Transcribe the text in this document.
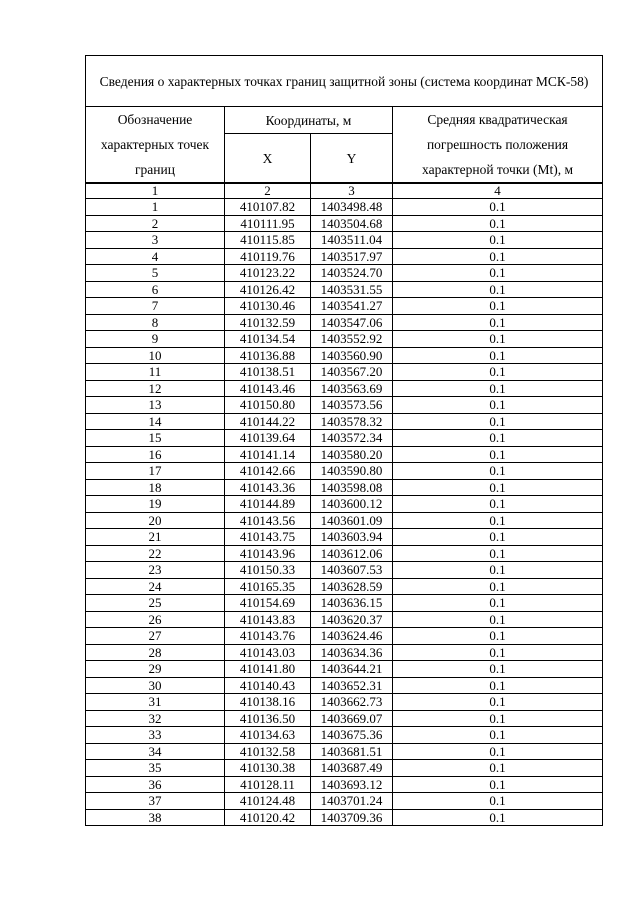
Сведения о характерных точках границ защитной зоны (система координат МСК-58)			
Обозначение характерных точек границ	Координаты, м		Средняя квадратическая погрешность положения характерной точки (Mt), м
	X	Y	
1	2	3	4
1	410107.82	1403498.48	0.1
2	410111.95	1403504.68	0.1
3	410115.85	1403511.04	0.1
4	410119.76	1403517.97	0.1
5	410123.22	1403524.70	0.1
6	410126.42	1403531.55	0.1
7	410130.46	1403541.27	0.1
8	410132.59	1403547.06	0.1
9	410134.54	1403552.92	0.1
10	410136.88	1403560.90	0.1
11	410138.51	1403567.20	0.1
12	410143.46	1403563.69	0.1
13	410150.80	1403573.56	0.1
14	410144.22	1403578.32	0.1
15	410139.64	1403572.34	0.1
16	410141.14	1403580.20	0.1
17	410142.66	1403590.80	0.1
18	410143.36	1403598.08	0.1
19	410144.89	1403600.12	0.1
20	410143.56	1403601.09	0.1
21	410143.75	1403603.94	0.1
22	410143.96	1403612.06	0.1
23	410150.33	1403607.53	0.1
24	410165.35	1403628.59	0.1
25	410154.69	1403636.15	0.1
26	410143.83	1403620.37	0.1
27	410143.76	1403624.46	0.1
28	410143.03	1403634.36	0.1
29	410141.80	1403644.21	0.1
30	410140.43	1403652.31	0.1
31	410138.16	1403662.73	0.1
32	410136.50	1403669.07	0.1
33	410134.63	1403675.36	0.1
34	410132.58	1403681.51	0.1
35	410130.38	1403687.49	0.1
36	410128.11	1403693.12	0.1
37	410124.48	1403701.24	0.1
38	410120.42	1403709.36	0.1
